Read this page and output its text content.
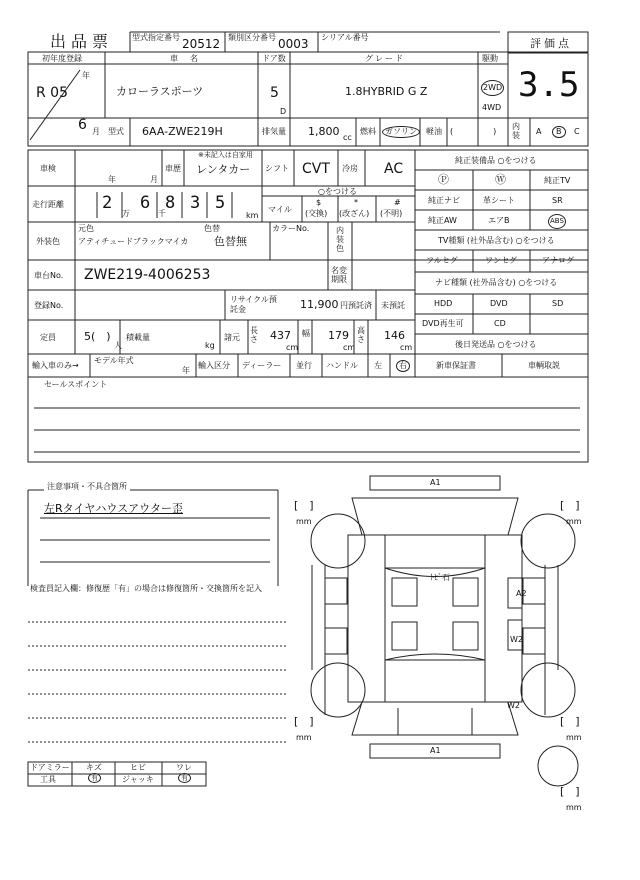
出品票 型式指定番号 20512 類別区分番号 0003 シリアル番号	評価点
3.5
初年度登録
年
R 05
6 月
車　名
カローラスポーツ
ドア数
5
D
グレード
1.8HYBRID G Z
駆動
2WD
4WD
型式 6AA-ZWE219H	排気量 1,800 cc
燃料	ガソリン	軽油 (　　　　　)
内装 A	B	C
車検
年	月
車歴
※未記入は自家用
レンタカー シフト CVT 冷房 AC
走行距離 2
万
6
千
8 3 5
km
○をつける
マイル
$
(交換)
*
(改ざん)
#
(不明)
外装色
元色
アティチュードブラックマイカ
色替
色替無
カラーNo.	内装色
車台No. ZWE219-4006253	名変期限
登録No.
リサイクル預託金	11,900 円預託済 未預託
定員	5(　)
人
積載量
kg
諸元
長さ 437
cm
幅 179
cm
高さ 146
cm
輸入車のみ→
モデル年式
年
輸入区分 ディーラー 並行 ハンドル 左	右
セールスポイント
純正装備品 ○をつける
Ⓟ	Ⓦ	純正TV
純正ナビ	革シート	SR
純正AW	エアB	ABS
TV種類 (社外品含む) ○をつける
フルセグ	ワンセグ	アナログ
ナビ種類 (社外品含む) ○をつける
HDD	DVD	SD
DVD再生可	CD
後日発送品 ○をつける
新車保証書	車輌取説
注意事項・不具合箇所
左Rタイヤハウスアウター歪
検査員記入欄：修復歴「有」の場合は修復箇所・交換箇所を記入
ドアミラー キズ	ヒビ	ワレ
工具	有	ジャッキ	有
A1
A1
ﾄﾋﾞ石
A2
W2
W2
[　]
mm
[　]
mm
[　]
mm
[　]
mm
[　]
mm
